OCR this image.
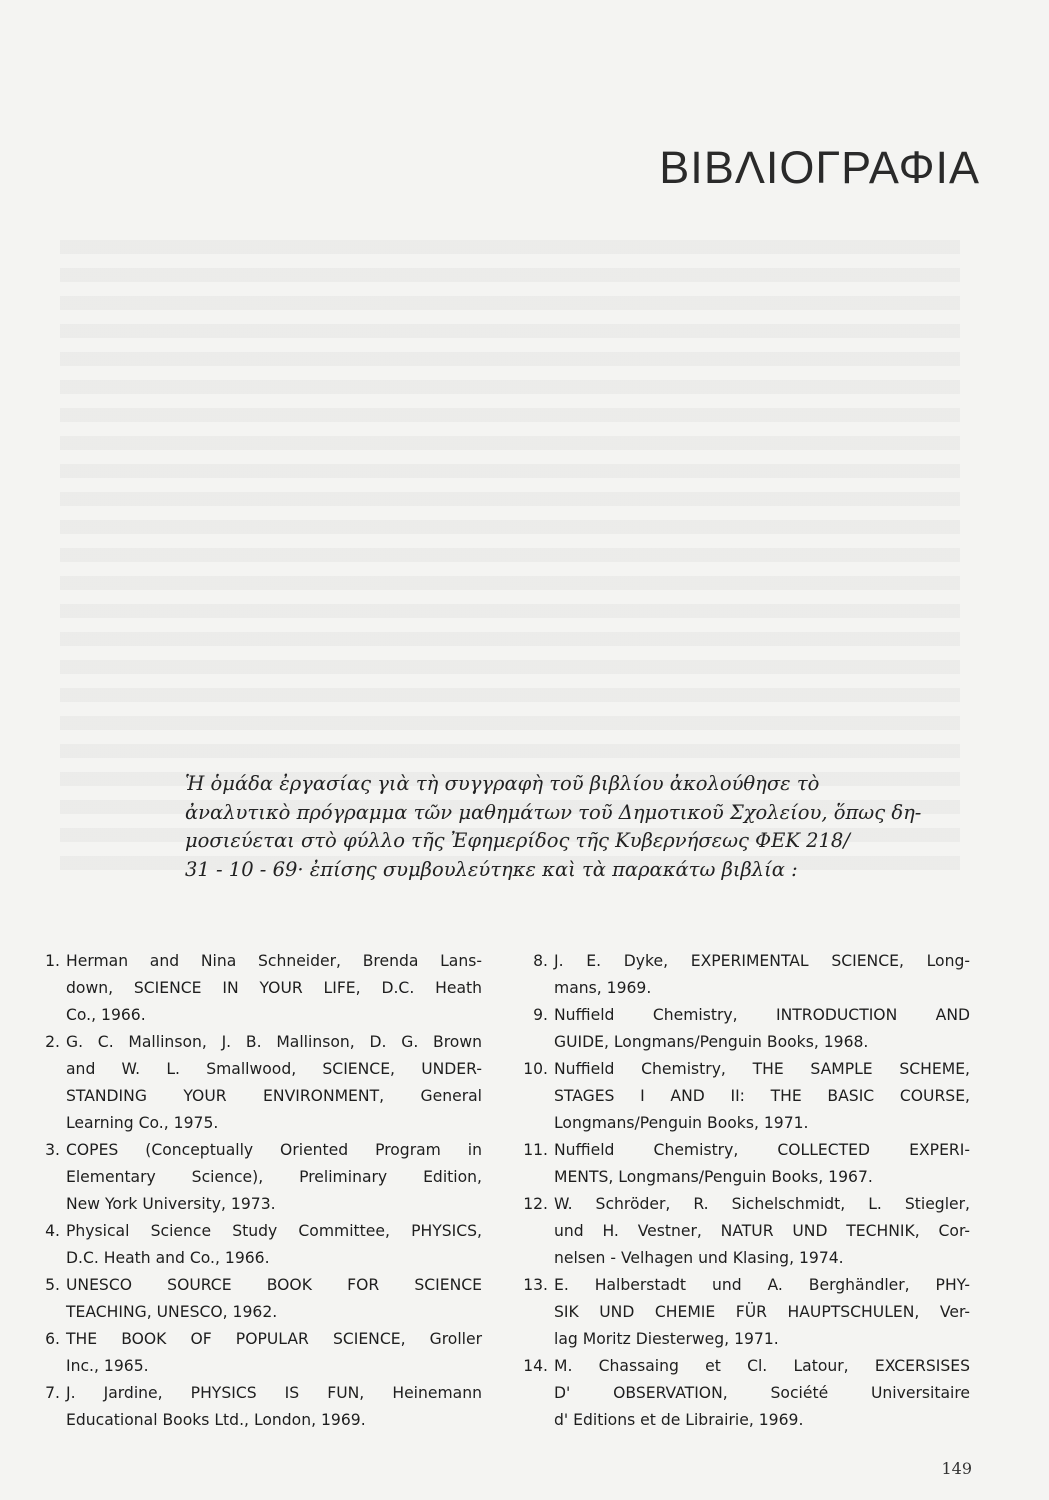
ΒΙΒΛΙΟΓΡΑΦΙΑ
Ἡ ὁμάδα ἐργασίας γιὰ τὴ συγγραφὴ τοῦ βιβλίου ἀκολούθησε τὸ
ἀναλυτικὸ πρόγραμμα τῶν μαθημάτων τοῦ Δημοτικοῦ Σχολείου, ὅπως δη-
μοσιεύεται στὸ φύλλο τῆς Ἐφημερίδος τῆς Κυβερνήσεως ΦΕΚ 218/
31 - 10 - 69· ἐπίσης συμβουλεύτηκε καὶ τὰ παρακάτω βιβλία :
1. Herman and Nina Schneider, Brenda Lans-
down, SCIENCE IN YOUR LIFE, D.C. Heath
Co., 1966.
2. G. C. Mallinson, J. B. Mallinson, D. G. Brown
and W. L. Smallwood, SCIENCE, UNDER-
STANDING YOUR ENVIRONMENT, General
Learning Co., 1975.
3. COPES (Conceptually Oriented Program in
Elementary Science), Preliminary Edition,
New York University, 1973.
4. Physical Science Study Committee, PHYSICS,
D.C. Heath and Co., 1966.
5. UNESCO SOURCE BOOK FOR SCIENCE
TEACHING, UNESCO, 1962.
6. THE BOOK OF POPULAR SCIENCE, Groller
Inc., 1965.
7. J. Jardine, PHYSICS IS FUN, Heinemann
Educational Books Ltd., London, 1969.
8. J. E. Dyke, EXPERIMENTAL SCIENCE, Long-
mans, 1969.
9. Nuffield Chemistry, INTRODUCTION AND
GUIDE, Longmans/Penguin Books, 1968.
10. Nuffield Chemistry, THE SAMPLE SCHEME,
STAGES I AND II: THE BASIC COURSE,
Longmans/Penguin Books, 1971.
11. Nuffield Chemistry, COLLECTED EXPERI-
MENTS, Longmans/Penguin Books, 1967.
12. W. Schröder, R. Sichelschmidt, L. Stiegler,
und H. Vestner, NATUR UND TECHNIK, Cor-
nelsen - Velhagen und Klasing, 1974.
13. E. Halberstadt und A. Berghändler, PHY-
SIK UND CHEMIE FÜR HAUPTSCHULEN, Ver-
lag Moritz Diesterweg, 1971.
14. M. Chassaing et Cl. Latour, EXCERSISES
D' OBSERVATION, Société Universitaire
d' Editions et de Librairie, 1969.
149
